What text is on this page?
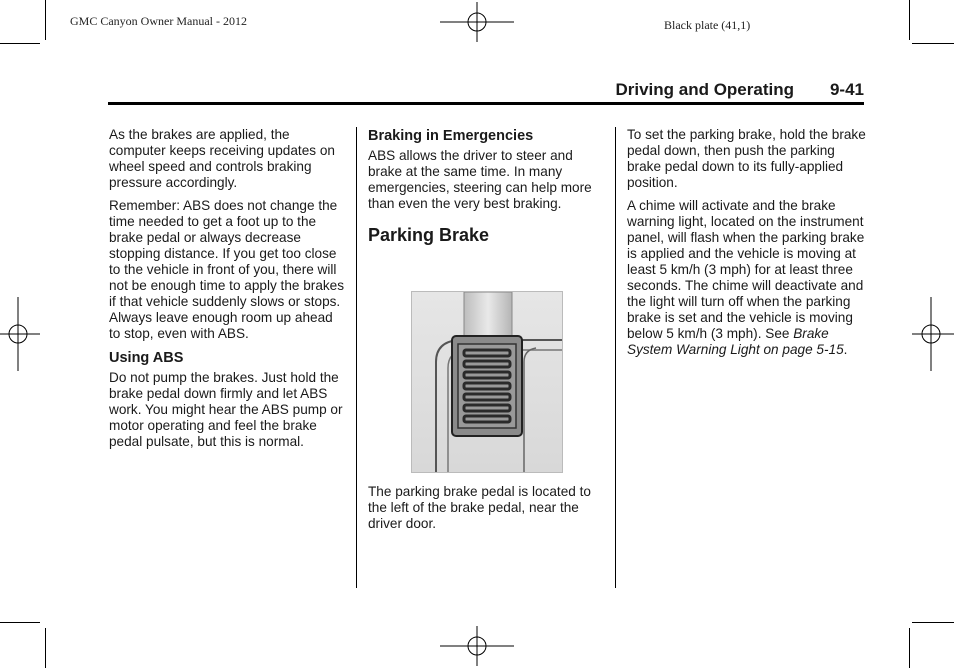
GMC Canyon Owner Manual - 2012	Black plate (41,1)
Driving and Operating 9-41

As the brakes are applied, the computer keeps receiving updates on wheel speed and controls braking pressure accordingly.

Remember: ABS does not change the time needed to get a foot up to the brake pedal or always decrease stopping distance. If you get too close to the vehicle in front of you, there will not be enough time to apply the brakes if that vehicle suddenly slows or stops. Always leave enough room up ahead to stop, even with ABS.

Using ABS

Do not pump the brakes. Just hold the brake pedal down firmly and let ABS work. You might hear the ABS pump or motor operating and feel the brake pedal pulsate, but this is normal.

Braking in Emergencies

ABS allows the driver to steer and brake at the same time. In many emergencies, steering can help more than even the very best braking.

Parking Brake

The parking brake pedal is located to the left of the brake pedal, near the driver door.

To set the parking brake, hold the brake pedal down, then push the parking brake pedal down to its fully-applied position.

A chime will activate and the brake warning light, located on the instrument panel, will flash when the parking brake is applied and the vehicle is moving at least 5 km/h (3 mph) for at least three seconds. The chime will deactivate and the light will turn off when the parking brake is set and the vehicle is moving below 5 km/h (3 mph). See Brake System Warning Light on page 5-15.
